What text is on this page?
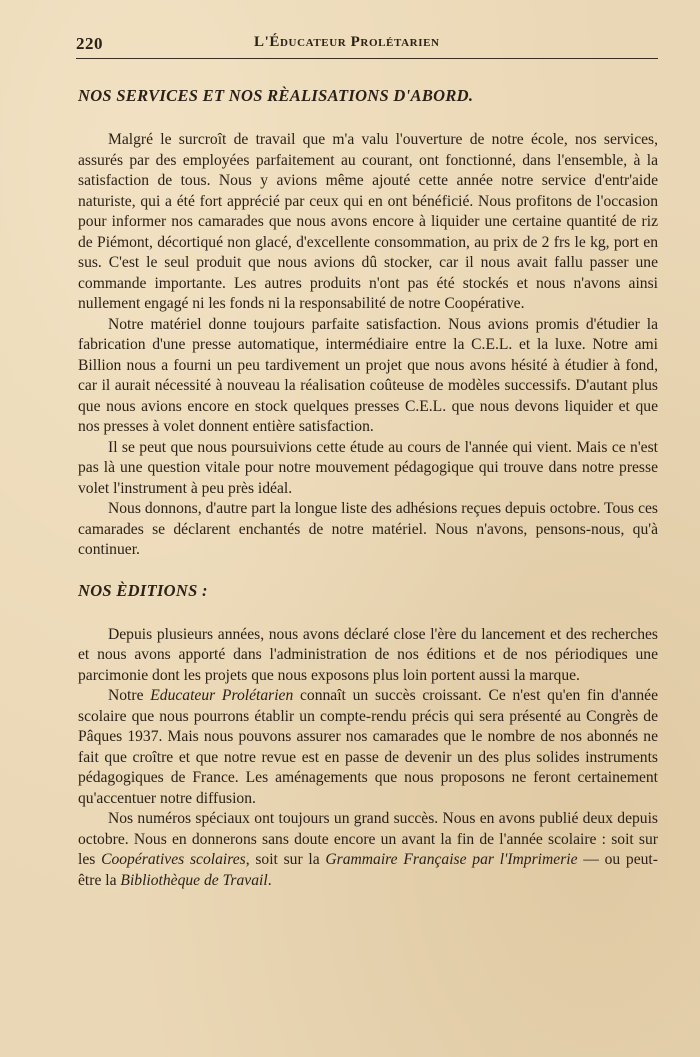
220	L'Éducateur Prolétarien
NOS SERVICES ET NOS RÈALISATIONS D'ABORD.

Malgré le surcroît de travail que m'a valu l'ouverture de notre école, nos services, assurés par des employées parfaitement au courant, ont fonctionné, dans l'ensemble, à la satisfaction de tous. Nous y avions même ajouté cette année notre service d'entr'aide naturiste, qui a été fort apprécié par ceux qui en ont bénéficié. Nous profitons de l'occasion pour informer nos camarades que nous avons encore à liquider une certaine quantité de riz de Piémont, décortiqué non glacé, d'excellente consommation, au prix de 2 frs le kg, port en sus. C'est le seul produit que nous avions dû stocker, car il nous avait fallu passer une commande importante. Les autres produits n'ont pas été stockés et nous n'avons ainsi nullement engagé ni les fonds ni la responsabilité de notre Coopérative.

Notre matériel donne toujours parfaite satisfaction. Nous avions promis d'étudier la fabrication d'une presse automatique, intermédiaire entre la C.E.L. et la luxe. Notre ami Billion nous a fourni un peu tardivement un projet que nous avons hésité à étudier à fond, car il aurait nécessité à nouveau la réalisation coûteuse de modèles successifs. D'autant plus que nous avions encore en stock quelques presses C.E.L. que nous devons liquider et que nos presses à volet donnent entière satisfaction.

Il se peut que nous poursuivions cette étude au cours de l'année qui vient. Mais ce n'est pas là une question vitale pour notre mouvement pédagogique qui trouve dans notre presse volet l'instrument à peu près idéal.

Nous donnons, d'autre part la longue liste des adhésions reçues depuis octobre. Tous ces camarades se déclarent enchantés de notre matériel. Nous n'avons, pensons-nous, qu'à continuer.

NOS ÈDITIONS :

Depuis plusieurs années, nous avons déclaré close l'ère du lancement et des recherches et nous avons apporté dans l'administration de nos éditions et de nos périodiques une parcimonie dont les projets que nous exposons plus loin portent aussi la marque.

Notre Educateur Prolétarien connaît un succès croissant. Ce n'est qu'en fin d'année scolaire que nous pourrons établir un compte-rendu précis qui sera présenté au Congrès de Pâques 1937. Mais nous pouvons assurer nos camarades que le nombre de nos abonnés ne fait que croître et que notre revue est en passe de devenir un des plus solides instruments pédagogiques de France. Les aménagements que nous proposons ne feront certainement qu'accentuer notre diffusion.

Nos numéros spéciaux ont toujours un grand succès. Nous en avons publié deux depuis octobre. Nous en donnerons sans doute encore un avant la fin de l'année scolaire : soit sur les Coopératives scolaires, soit sur la Grammaire Française par l'Imprimerie — ou peut-être la Bibliothèque de Travail.
